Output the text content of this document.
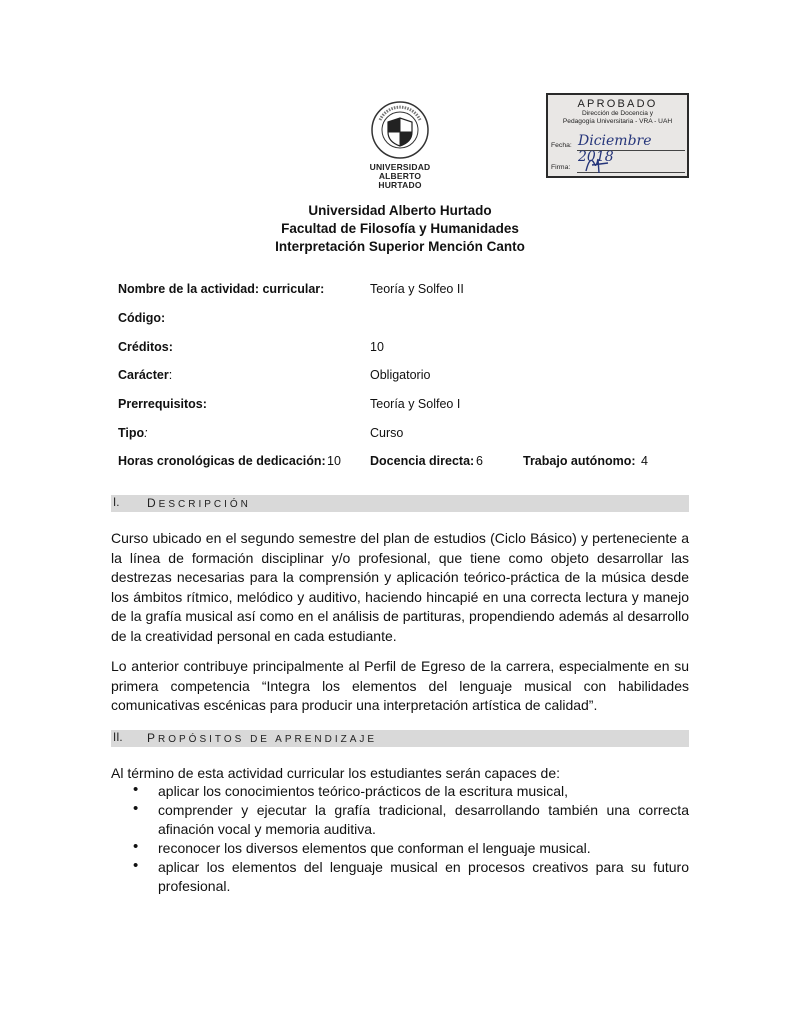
UNIVERSIDAD
ALBERTO HURTADO
APROBADO
Dirección de Docencia y
Pedagogía Universitaria - VRA - UAH
Fecha: Diciembre 2018
Firma:
Universidad Alberto Hurtado
Facultad de Filosofía y Humanidades
Interpretación Superior Mención Canto
Nombre de la actividad: curricular:	Teoría y Solfeo II
Código:
Créditos:	10
Carácter:	Obligatorio
Prerrequisitos:	Teoría y Solfeo I
Tipo:	Curso
Horas cronológicas de dedicación: 10 Docencia directa: 6	Trabajo autónomo: 4
I. DESCRIPCIÓN
Curso ubicado en el segundo semestre del plan de estudios (Ciclo Básico) y perteneciente a la línea de formación disciplinar y/o profesional, que tiene como objeto desarrollar las destrezas necesarias para la comprensión y aplicación teórico-práctica de la música desde los ámbitos rítmico, melódico y auditivo, haciendo hincapié en una correcta lectura y manejo de la grafía musical así como en el análisis de partituras, propendiendo además al desarrollo de la creatividad personal en cada estudiante.
Lo anterior contribuye principalmente al Perfil de Egreso de la carrera, especialmente en su primera competencia “Integra los elementos del lenguaje musical con habilidades comunicativas escénicas para producir una interpretación artística de calidad”.
II. PROPÓSITOS DE APRENDIZAJE
Al término de esta actividad curricular los estudiantes serán capaces de:
• aplicar los conocimientos teórico-prácticos de la escritura musical,
• comprender y ejecutar la grafía tradicional, desarrollando también una correcta afinación vocal y memoria auditiva.
• reconocer los diversos elementos que conforman el lenguaje musical.
• aplicar los elementos del lenguaje musical en procesos creativos para su futuro profesional.
